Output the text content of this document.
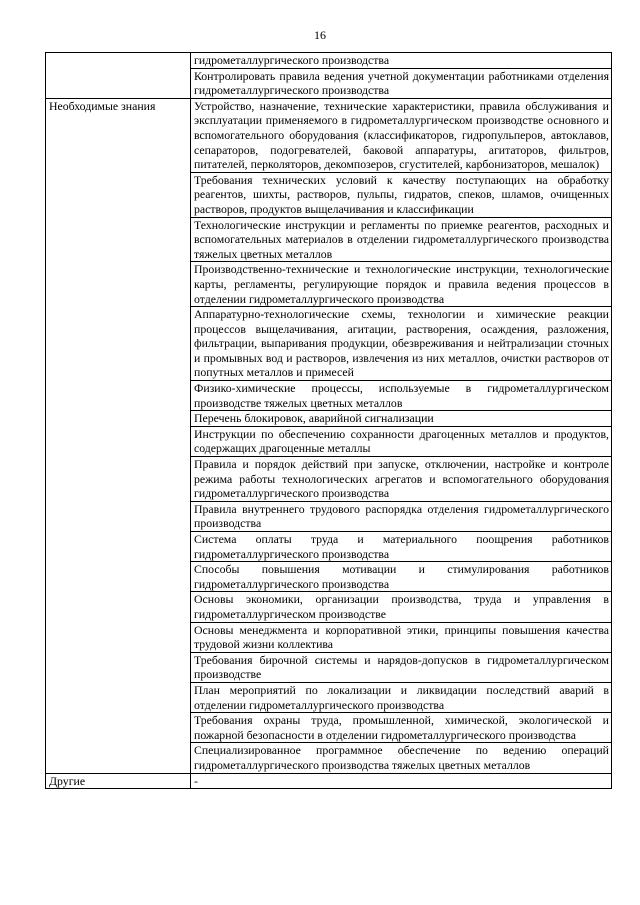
16
	гидрометаллургического производства
	Контролировать правила ведения учетной документации работниками отделения гидрометаллургического производства
Необходимые знания	Устройство, назначение, технические характеристики, правила обслуживания и эксплуатации применяемого в гидрометаллургическом производстве основного и вспомогательного оборудования (классификаторов, гидропульперов, автоклавов, сепараторов, подогревателей, баковой аппаратуры, агитаторов, фильтров, питателей, перколяторов, декомпозеров, сгустителей, карбонизаторов, мешалок)
	Требования технических условий к качеству поступающих на обработку реагентов, шихты, растворов, пульпы, гидратов, спеков, шламов, очищенных растворов, продуктов выщелачивания и классификации
	Технологические инструкции и регламенты по приемке реагентов, расходных и вспомогательных материалов в отделении гидрометаллургического производства тяжелых цветных металлов
	Производственно-технические и технологические инструкции, технологические карты, регламенты, регулирующие порядок и правила ведения процессов в отделении гидрометаллургического производства
	Аппаратурно-технологические схемы, технологии и химические реакции процессов выщелачивания, агитации, растворения, осаждения, разложения, фильтрации, выпаривания продукции, обезвреживания и нейтрализации сточных и промывных вод и растворов, извлечения из них металлов, очистки растворов от попутных металлов и примесей
	Физико-химические процессы, используемые в гидрометаллургическом производстве тяжелых цветных металлов
	Перечень блокировок, аварийной сигнализации
	Инструкции по обеспечению сохранности драгоценных металлов и продуктов, содержащих драгоценные металлы
	Правила и порядок действий при запуске, отключении, настройке и контроле режима работы технологических агрегатов и вспомогательного оборудования гидрометаллургического производства
	Правила внутреннего трудового распорядка отделения гидрометаллургического производства
	Система оплаты труда и материального поощрения работников гидрометаллургического производства
	Способы повышения мотивации и стимулирования работников гидрометаллургического производства
	Основы экономики, организации производства, труда и управления в гидрометаллургическом производстве
	Основы менеджмента и корпоративной этики, принципы повышения качества трудовой жизни коллектива
	Требования бирочной системы и нарядов-допусков в гидрометаллургическом производстве
	План мероприятий по локализации и ликвидации последствий аварий в отделении гидрометаллургического производства
	Требования охраны труда, промышленной, химической, экологической и пожарной безопасности в отделении гидрометаллургического производства
	Специализированное программное обеспечение по ведению операций гидрометаллургического производства тяжелых цветных металлов
Другие	-
